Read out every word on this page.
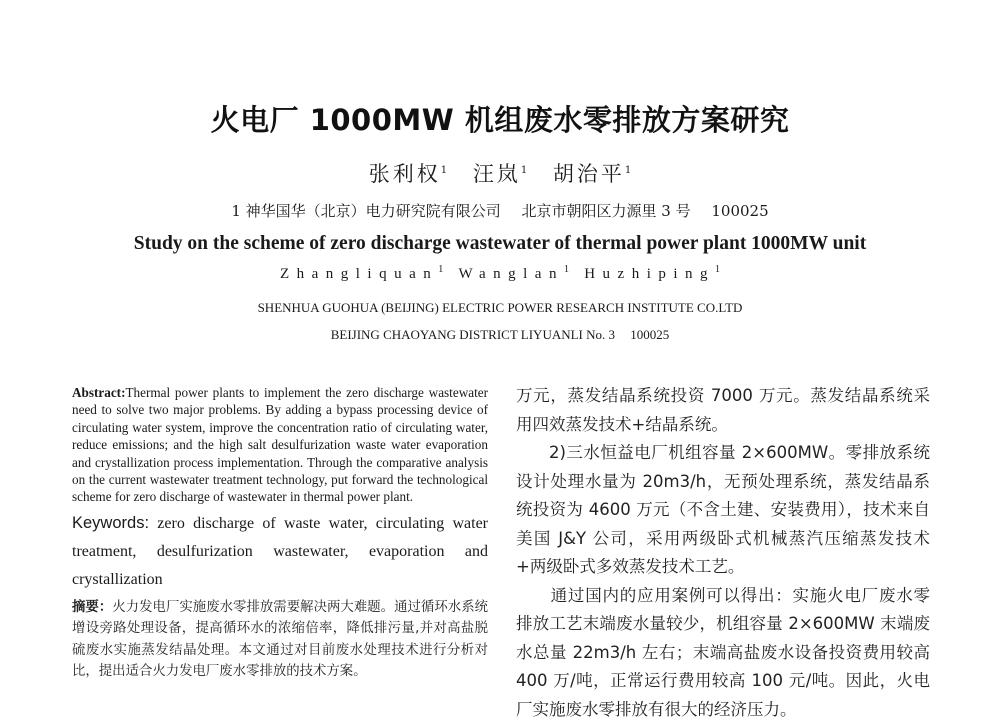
火电厂 1000MW 机组废水零排放方案研究
张利权$^1$ 汪岚$^1$ 胡治平$^1$
1 神华国华（北京）电力研究院有限公司 北京市朝阳区力源里 3 号 100025
Study on the scheme of zero discharge wastewater of thermal power plant 1000MW unit
Zhangliquan$^1$ Wanglan$^1$ Huzhiping$^1$
SHENHUA GUOHUA (BEIJING) ELECTRIC POWER RESEARCH INSTITUTE CO.LTD
BEIJING CHAOYANG DISTRICT LIYUANLI No. 3 100025

Abstract:Thermal power plants to implement the zero discharge wastewater need to solve two major problems. By adding a bypass processing device of circulating water system, improve the concentration ratio of circulating water, reduce emissions; and the high salt desulfurization waste water evaporation and crystallization process implementation. Through the comparative analysis on the current wastewater treatment technology, put forward the technological scheme for zero discharge of wastewater in thermal power plant.

Keywords: zero discharge of waste water, circulating water treatment, desulfurization wastewater, evaporation and crystallization

摘要：火力发电厂实施废水零排放需要解决两大难题。通过循环水系统增设旁路处理设备，提高循环水的浓缩倍率，降低排污量,并对高盐脱硫废水实施蒸发结晶处理。本文通过对目前废水处理技术进行分析对比，提出适合火力发电厂废水零排放的技术方案。

万元，蒸发结晶系统投资 7000 万元。蒸发结晶系统采用四效蒸发技术+结晶系统。

2)三水恒益电厂机组容量 2×600MW。零排放系统设计处理水量为 20m3/h，无预处理系统，蒸发结晶系统投资为 4600 万元（不含土建、安装费用），技术来自美国 J&Y 公司，采用两级卧式机械蒸汽压缩蒸发技术+两级卧式多效蒸发技术工艺。

通过国内的应用案例可以得出：实施火电厂废水零排放工艺末端废水量较少，机组容量 2×600MW 末端废水总量 22m3/h 左右；末端高盐废水设备投资费用较高 400 万/吨，正常运行费用较高 100 元/吨。因此，火电厂实施废水零排放有很大的经济压力。
